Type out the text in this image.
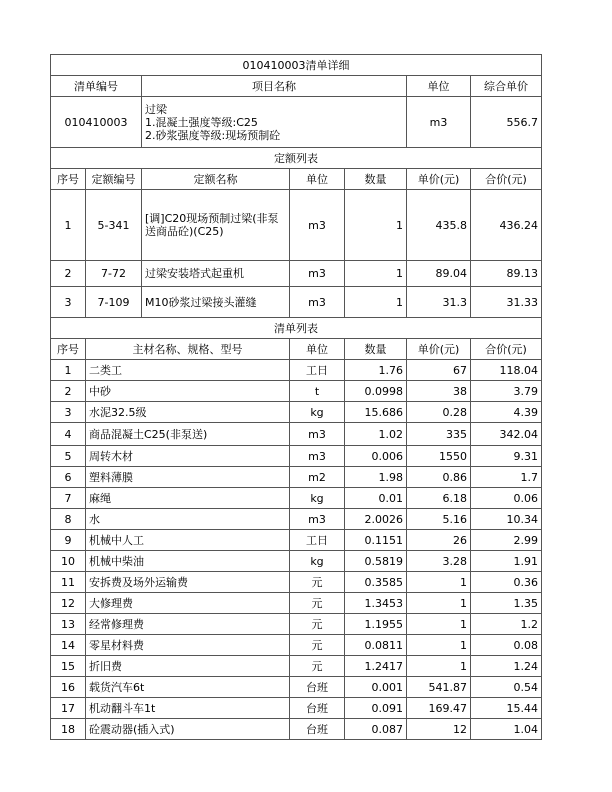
010410003清单详细						
清单编号		项目名称			单位	综合单价
010410003		过梁
1.混凝土强度等级:C25
2.砂浆强度等级:现场预制砼			m3	556.7
定额列表						
序号	定额编号	定额名称	单位	数量	单价(元)	合价(元)
1	5-341	[调]C20现场预制过梁(非泵送商品砼)(C25)	m3	1	435.8	436.24
2	7-72	过梁安装塔式起重机	m3	1	89.04	89.13
3	7-109	M10砂浆过梁接头灌缝	m3	1	31.3	31.33
清单列表						
序号	主材名称、规格、型号		单位	数量	单价(元)	合价(元)
1	二类工		工日	1.76	67	118.04
2	中砂		t	0.0998	38	3.79
3	水泥32.5级		kg	15.686	0.28	4.39
4	商品混凝土C25(非泵送)		m3	1.02	335	342.04
5	周转木材		m3	0.006	1550	9.31
6	塑料薄膜		m2	1.98	0.86	1.7
7	麻绳		kg	0.01	6.18	0.06
8	水		m3	2.0026	5.16	10.34
9	机械中人工		工日	0.1151	26	2.99
10	机械中柴油		kg	0.5819	3.28	1.91
11	安拆费及场外运输费		元	0.3585	1	0.36
12	大修理费		元	1.3453	1	1.35
13	经常修理费		元	1.1955	1	1.2
14	零星材料费		元	0.0811	1	0.08
15	折旧费		元	1.2417	1	1.24
16	载货汽车6t		台班	0.001	541.87	0.54
17	机动翻斗车1t		台班	0.091	169.47	15.44
18	砼震动器(插入式)		台班	0.087	12	1.04
